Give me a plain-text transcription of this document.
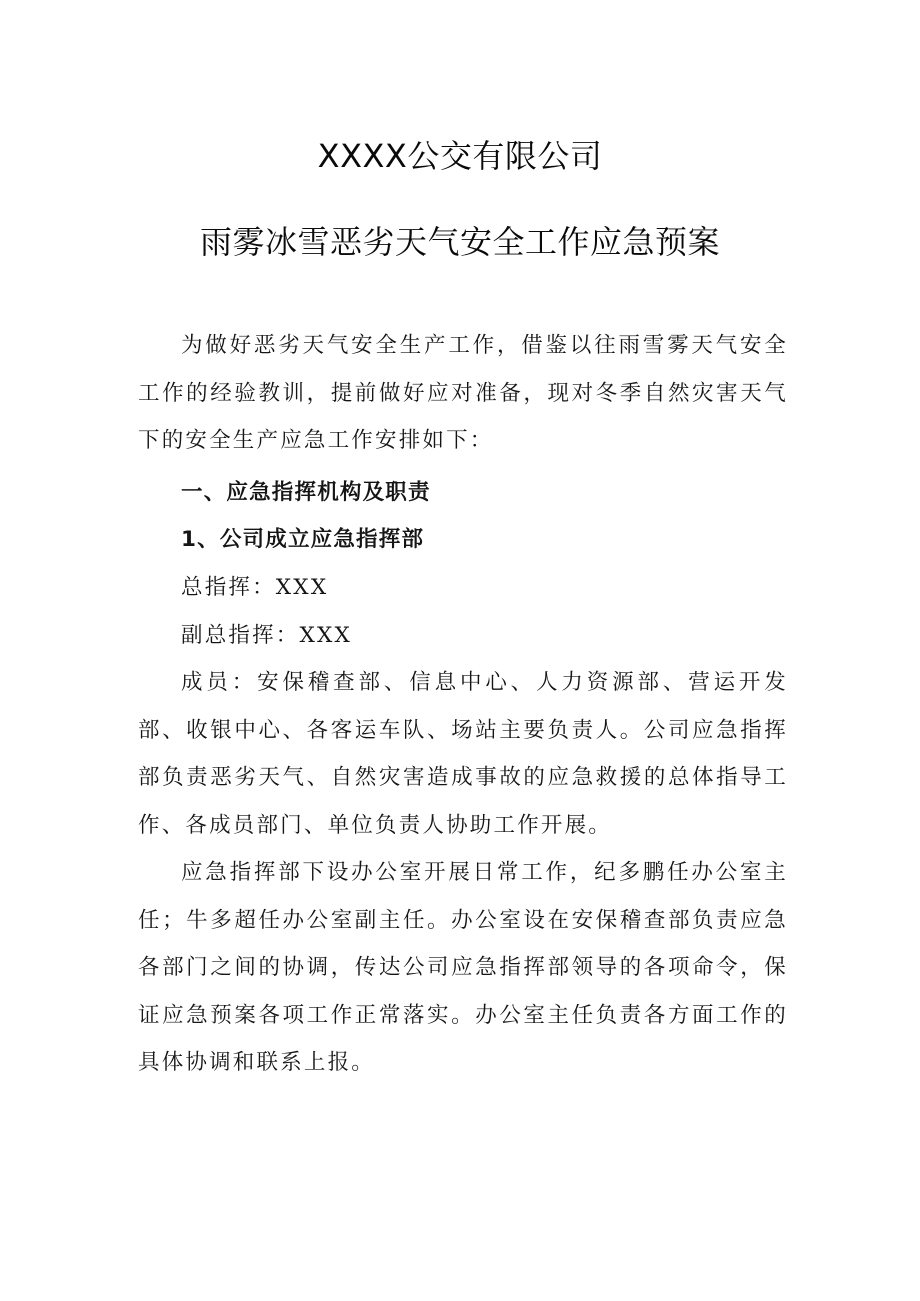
XXXX公交有限公司
雨雾冰雪恶劣天气安全工作应急预案

为做好恶劣天气安全生产工作，借鉴以往雨雪雾天气安全工作的经验教训，提前做好应对准备，现对冬季自然灾害天气下的安全生产应急工作安排如下：

一、应急指挥机构及职责

1、公司成立应急指挥部

总指挥：XXX

副总指挥：XXX

成员：安保稽查部、信息中心、人力资源部、营运开发部、收银中心、各客运车队、场站主要负责人。公司应急指挥部负责恶劣天气、自然灾害造成事故的应急救援的总体指导工作、各成员部门、单位负责人协助工作开展。

应急指挥部下设办公室开展日常工作，纪多鹏任办公室主任；牛多超任办公室副主任。办公室设在安保稽查部负责应急各部门之间的协调，传达公司应急指挥部领导的各项命令，保证应急预案各项工作正常落实。办公室主任负责各方面工作的具体协调和联系上报。
